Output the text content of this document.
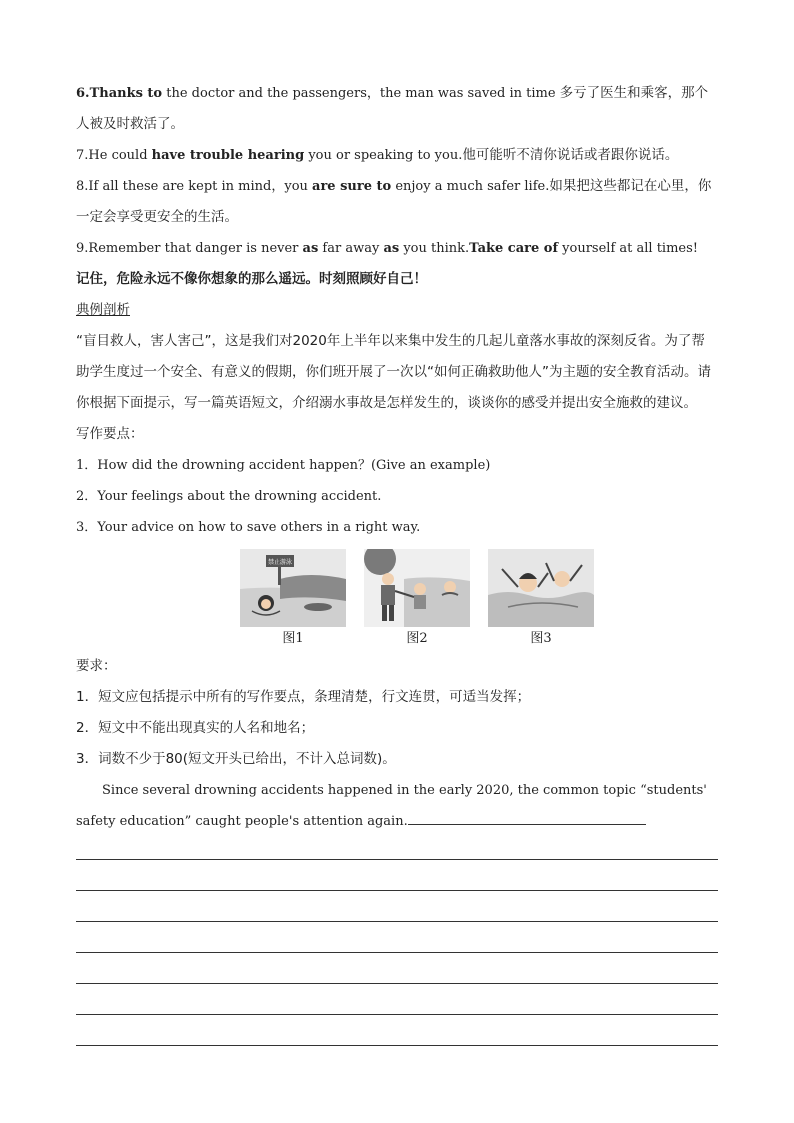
6.Thanks to the doctor and the passengers，the man was saved in time 多亏了医生和乘客，那个人被及时救活了。

7.He could have trouble hearing you or speaking to you.他可能听不清你说话或者跟你说话。

8.If all these are kept in mind，you are sure to enjoy a much safer life.如果把这些都记在心里，你一定会享受更安全的生活。

9.Remember that danger is never as far away as you think.Take care of yourself at all times!

记住，危险永远不像你想象的那么遥远。时刻照顾好自己！

典例剖析

“盲目救人，害人害己”，这是我们对2020年上半年以来集中发生的几起儿童落水事故的深刻反省。为了帮助学生度过一个安全、有意义的假期，你们班开展了一次以“如何正确救助他人”为主题的安全教育活动。请你根据下面提示，写一篇英语短文，介绍溺水事故是怎样发生的，谈谈你的感受并提出安全施救的建议。

写作要点：

1．How did the drowning accident happen？(Give an example)

2．Your feelings about the drowning accident.

3．Your advice on how to save others in a right way.

禁止游泳
图1	图2	图3

要求：

1．短文应包括提示中所有的写作要点，条理清楚，行文连贯，可适当发挥；

2．短文中不能出现真实的人名和地名；

3．词数不少于80(短文开头已给出，不计入总词数)。

Since several drowning accidents happened in the early 2020, the common topic “students' safety education” caught people's attention again.
